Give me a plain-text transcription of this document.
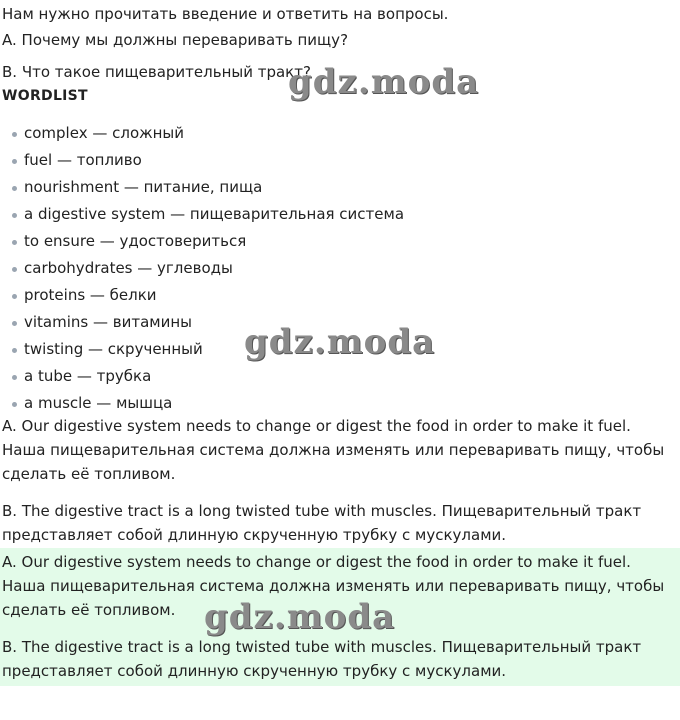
Нам нужно прочитать введение и ответить на вопросы.
A. Почему мы должны переваривать пищу?
B. Что такое пищеварительный тракт?
WORDLIST
complex — сложный
fuel — топливо
nourishment — питание, пища
a digestive system — пищеварительная система
to ensure — удостовериться
carbohydrates — углеводы
proteins — белки
vitamins — витамины
twisting — скрученный
a tube — трубка
a muscle — мышца
A. Our digestive system needs to change or digest the food in order to make it fuel. Наша пищеварительная система должна изменять или переваривать пищу, чтобы сделать её топливом.
B. The digestive tract is a long twisted tube with muscles. Пищеварительный тракт представляет собой длинную скрученную трубку с мускулами.
A. Our digestive system needs to change or digest the food in order to make it fuel. Наша пищеварительная система должна изменять или переваривать пищу, чтобы сделать её топливом.
B. The digestive tract is a long twisted tube with muscles. Пищеварительный тракт представляет собой длинную скрученную трубку с мускулами.
gdz.moda
gdz.moda
gdz.moda
